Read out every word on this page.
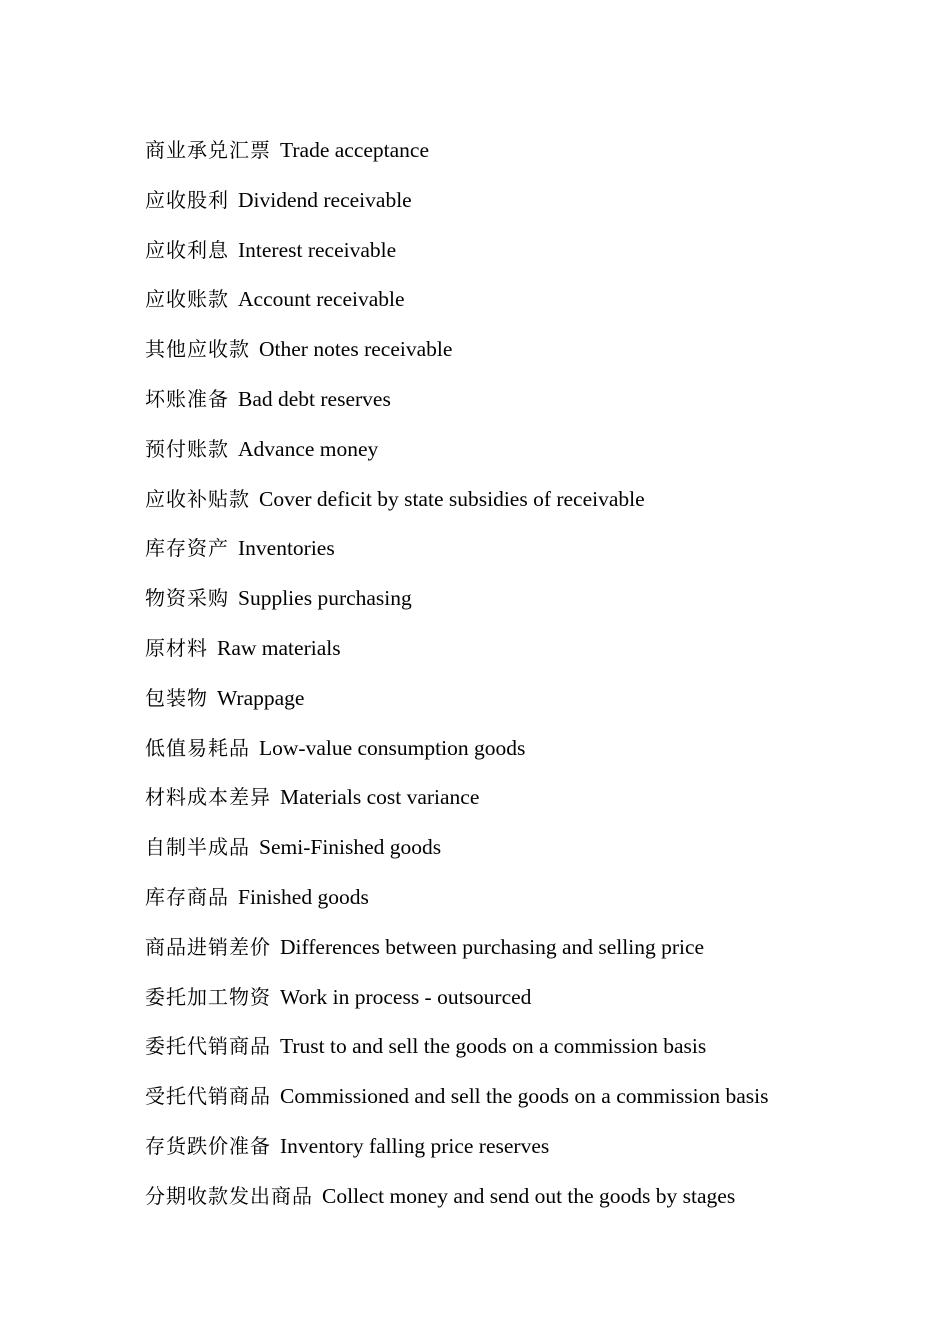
商业承兑汇票 Trade acceptance
应收股利 Dividend receivable
应收利息 Interest receivable
应收账款 Account receivable
其他应收款 Other notes receivable
坏账准备 Bad debt reserves
预付账款 Advance money
应收补贴款 Cover deficit by state subsidies of receivable
库存资产 Inventories
物资采购 Supplies purchasing
原材料 Raw materials
包装物 Wrappage
低值易耗品 Low-value consumption goods
材料成本差异 Materials cost variance
自制半成品 Semi-Finished goods
库存商品 Finished goods
商品进销差价 Differences between purchasing and selling price
委托加工物资 Work in process - outsourced
委托代销商品 Trust to and sell the goods on a commission basis
受托代销商品 Commissioned and sell the goods on a commission basis
存货跌价准备 Inventory falling price reserves
分期收款发出商品 Collect money and send out the goods by stages
